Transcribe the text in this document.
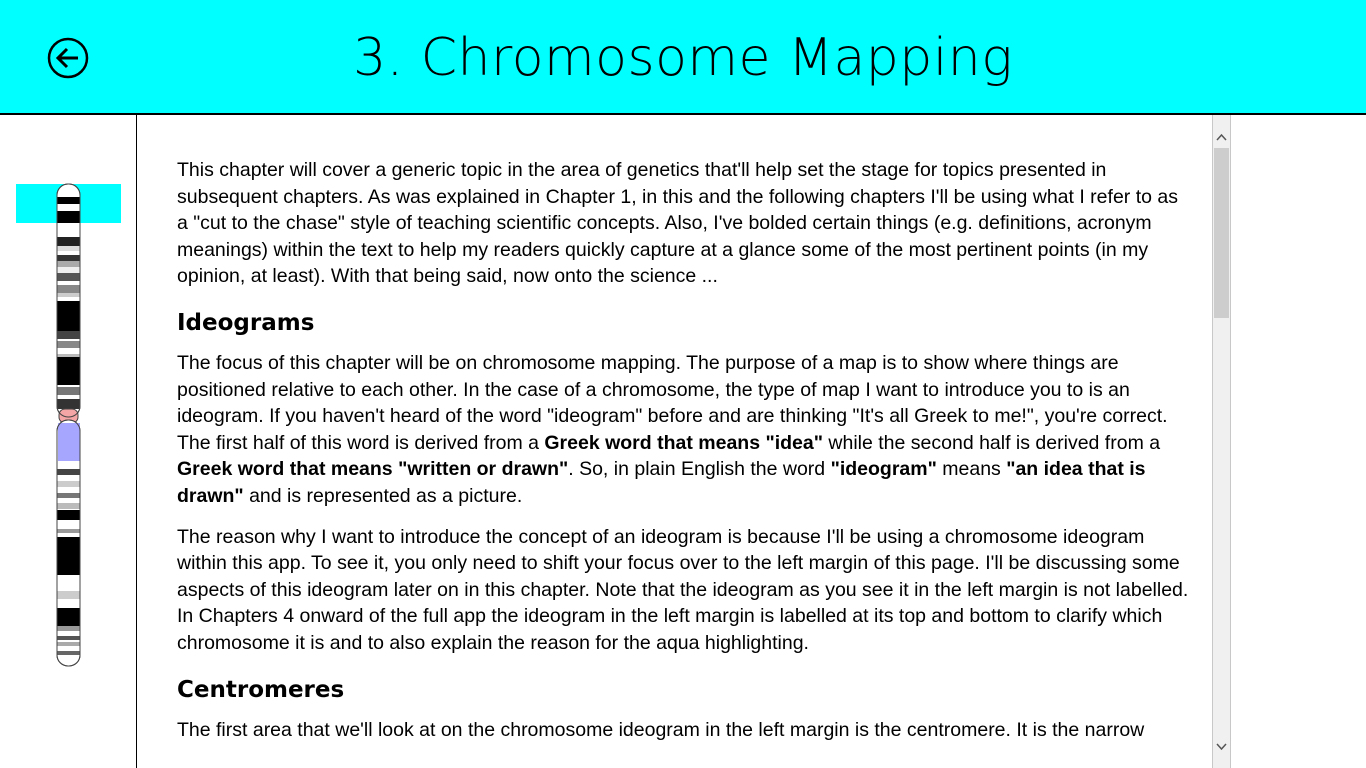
3. Chromosome Mapping

This chapter will cover a generic topic in the area of genetics that'll help set the stage for topics presented in subsequent chapters. As was explained in Chapter 1, in this and the following chapters I'll be using what I refer to as a "cut to the chase" style of teaching scientific concepts. Also, I've bolded certain things (e.g. definitions, acronym meanings) within the text to help my readers quickly capture at a glance some of the most pertinent points (in my opinion, at least). With that being said, now onto the science ...

Ideograms

The focus of this chapter will be on chromosome mapping. The purpose of a map is to show where things are positioned relative to each other. In the case of a chromosome, the type of map I want to introduce you to is an ideogram. If you haven't heard of the word "ideogram" before and are thinking "It's all Greek to me!", you're correct. The first half of this word is derived from a Greek word that means "idea" while the second half is derived from a Greek word that means "written or drawn". So, in plain English the word "ideogram" means "an idea that is drawn" and is represented as a picture.

The reason why I want to introduce the concept of an ideogram is because I'll be using a chromosome ideogram within this app. To see it, you only need to shift your focus over to the left margin of this page. I'll be discussing some aspects of this ideogram later on in this chapter. Note that the ideogram as you see it in the left margin is not labelled. In Chapters 4 onward of the full app the ideogram in the left margin is labelled at its top and bottom to clarify which chromosome it is and to also explain the reason for the aqua highlighting.

Centromeres

The first area that we'll look at on the chromosome ideogram in the left margin is the centromere. It is the narrow
